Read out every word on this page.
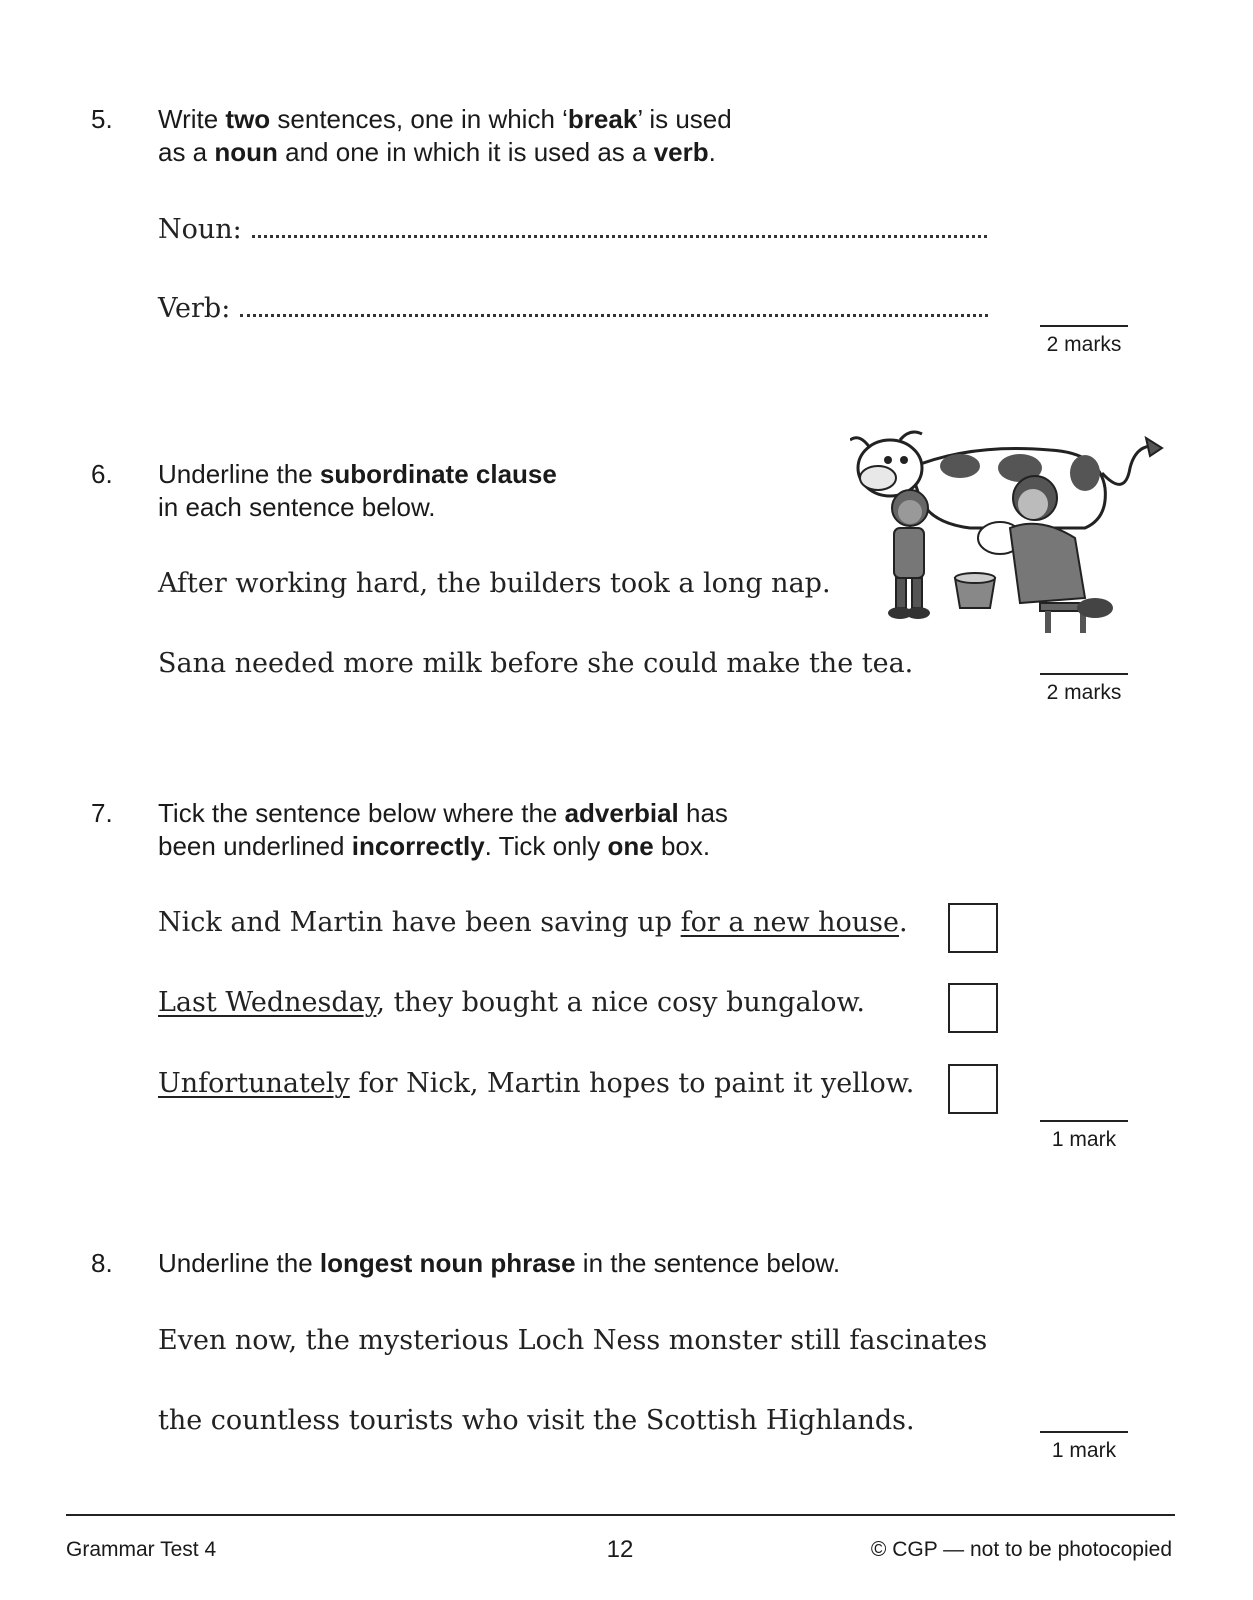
5. Write two sentences, one in which ‘break’ is used
as a noun and one in which it is used as a verb.
Noun:
Verb:
2 marks
6. Underline the subordinate clause
in each sentence below.
After working hard, the builders took a long nap.
Sana needed more milk before she could make the tea.
2 marks
7. Tick the sentence below where the adverbial has
been underlined incorrectly. Tick only one box.
Nick and Martin have been saving up for a new house.
Last Wednesday, they bought a nice cosy bungalow.
Unfortunately for Nick, Martin hopes to paint it yellow.
1 mark
8. Underline the longest noun phrase in the sentence below.
Even now, the mysterious Loch Ness monster still fascinates
the countless tourists who visit the Scottish Highlands.
1 mark
Grammar Test 4	12	© CGP — not to be photocopied
